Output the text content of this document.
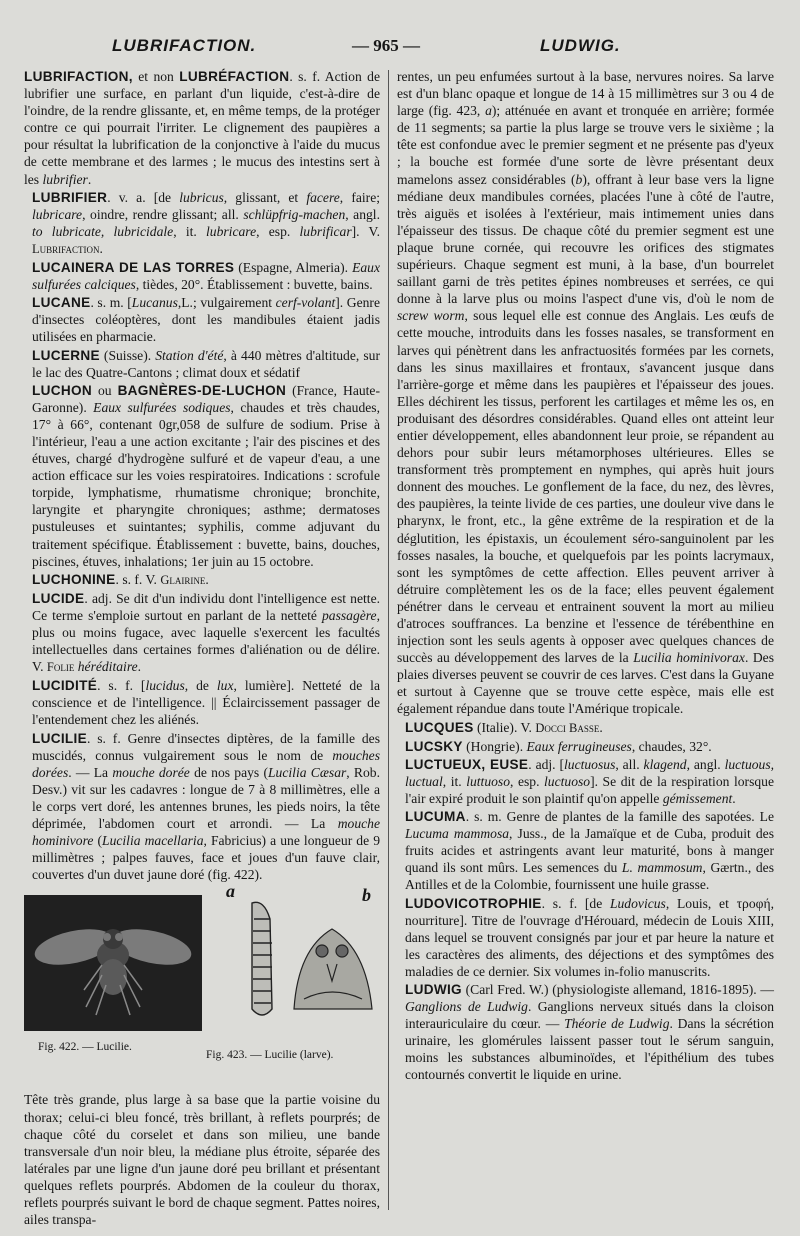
LUBRIFACTION.	— 965 —	LUDWIG.

LUBRIFACTION, et non LUBRÉFACTION. s. f. Action de lubrifier une surface, en parlant d'un liquide, c'est-à-dire de l'oindre, de la rendre glissante, et, en même temps, de la protéger contre ce qui pourrait l'irriter. Le clignement des paupières a pour résultat la lubrification de la conjonctive à l'aide du mucus de cette membrane et des larmes ; le mucus des intestins sert à les lubrifier.

LUBRIFIER. v. a. [de lubricus, glissant, et facere, faire; lubricare, oindre, rendre glissant; all. schlüpfrig-machen, angl. to lubricate, lubricidale, it. lubricare, esp. lubrificar]. V. Lubrifaction.

LUCAINERA DE LAS TORRES (Espagne, Almeria). Eaux sulfurées calciques, tièdes, 20°. Établissement : buvette, bains.

LUCANE. s. m. [Lucanus,L.; vulgairement cerf-volant]. Genre d'insectes coléoptères, dont les mandibules étaient jadis utilisées en pharmacie.

LUCERNE (Suisse). Station d'été, à 440 mètres d'altitude, sur le lac des Quatre-Cantons ; climat doux et sédatif

LUCHON ou BAGNÈRES-DE-LUCHON (France, Haute-Garonne). Eaux sulfurées sodiques, chaudes et très chaudes, 17° à 66°, contenant 0gr,058 de sulfure de sodium. Prise à l'intérieur, l'eau a une action excitante ; l'air des piscines et des étuves, chargé d'hydrogène sulfuré et de vapeur d'eau, a une action efficace sur les voies respiratoires. Indications : scrofule torpide, lymphatisme, rhumatisme chronique; bronchite, laryngite et pharyngite chroniques; asthme; dermatoses pustuleuses et suintantes; syphilis, comme adjuvant du traitement spécifique. Établissement : buvette, bains, douches, piscines, étuves, inhalations; 1er juin au 15 octobre.

LUCHONINE. s. f. V. Glairine.

LUCIDE. adj. Se dit d'un individu dont l'intelligence est nette. Ce terme s'emploie surtout en parlant de la netteté passagère, plus ou moins fugace, avec laquelle s'exercent les facultés intellectuelles dans certaines formes d'aliénation ou de délire. V. Folie héréditaire.

LUCIDITÉ. s. f. [lucidus, de lux, lumière]. Netteté de la conscience et de l'intelligence. || Éclaircissement passager de l'entendement chez les aliénés.

LUCILIE. s. f. Genre d'insectes diptères, de la famille des muscidés, connus vulgairement sous le nom de mouches dorées. — La mouche dorée de nos pays (Lucilia Cæsar, Rob. Desv.) vit sur les cadavres : longue de 7 à 8 millimètres, elle a le corps vert doré, les antennes brunes, les pieds noirs, la tête déprimée, l'abdomen court et arrondi. — La mouche hominivore (Lucilia macellaria, Fabricius) a une longueur de 9 millimètres ; palpes fauves, face et joues d'un fauve clair, couvertes d'un duvet jaune doré (fig. 422).

a	b
Fig. 422. — Lucilie.
Fig. 423. — Lucilie (larve).

Tête très grande, plus large à sa base que la partie voisine du thorax; celui-ci bleu foncé, très brillant, à reflets pourprés; de chaque côté du corselet et dans son milieu, une bande transversale d'un noir bleu, la médiane plus étroite, séparée des latérales par une ligne d'un jaune doré peu brillant et présentant quelques reflets pourprés. Abdomen de la couleur du thorax, reflets pourprés suivant le bord de chaque segment. Pattes noires, ailes transpa-

rentes, un peu enfumées surtout à la base, nervures noires. Sa larve est d'un blanc opaque et longue de 14 à 15 millimètres sur 3 ou 4 de large (fig. 423, a); atténuée en avant et tronquée en arrière; formée de 11 segments; sa partie la plus large se trouve vers le sixième ; la tête est confondue avec le premier segment et ne présente pas d'yeux ; la bouche est formée d'une sorte de lèvre présentant deux mamelons assez considérables (b), offrant à leur base vers la ligne médiane deux mandibules cornées, placées l'une à côté de l'autre, très aiguës et isolées à l'extérieur, mais intimement unies dans l'épaisseur des tissus. De chaque côté du premier segment est une plaque brune cornée, qui recouvre les orifices des stigmates supérieurs. Chaque segment est muni, à la base, d'un bourrelet saillant garni de très petites épines nombreuses et serrées, ce qui donne à la larve plus ou moins l'aspect d'une vis, d'où le nom de screw worm, sous lequel elle est connue des Anglais. Les œufs de cette mouche, introduits dans les fosses nasales, se transforment en larves qui pénètrent dans les anfractuosités formées par les cornets, dans les sinus maxillaires et frontaux, s'avancent jusque dans l'arrière-gorge et même dans les paupières et l'épaisseur des joues. Elles déchirent les tissus, perforent les cartilages et même les os, en produisant des désordres considérables. Quand elles ont atteint leur entier développement, elles abandonnent leur proie, se répandent au dehors pour subir leurs métamorphoses ultérieures. Elles se transforment très promptement en nymphes, qui après huit jours donnent des mouches. Le gonflement de la face, du nez, des lèvres, des paupières, la teinte livide de ces parties, une douleur vive dans le pharynx, le front, etc., la gêne extrême de la respiration et de la déglutition, les épistaxis, un écoulement séro-sanguinolent par les fosses nasales, la bouche, et quelquefois par les points lacrymaux, sont les symptômes de cette affection. Elles peuvent arriver à détruire complètement les os de la face; elles peuvent également pénétrer dans le cerveau et entrainent souvent la mort au milieu d'atroces souffrances. La benzine et l'essence de térébenthine en injection sont les seuls agents à opposer avec quelques chances de succès au développement des larves de la Lucilia hominivorax. Des plaies diverses peuvent se couvrir de ces larves. C'est dans la Guyane et surtout à Cayenne que se trouve cette espèce, mais elle est également répandue dans toute l'Amérique tropicale.

LUCQUES (Italie). V. Docci Basse.

LUCSKY (Hongrie). Eaux ferrugineuses, chaudes, 32°.

LUCTUEUX, EUSE. adj. [luctuosus, all. klagend, angl. luctuous, luctual, it. luttuoso, esp. luctuoso]. Se dit de la respiration lorsque l'air expiré produit le son plaintif qu'on appelle gémissement.

LUCUMA. s. m. Genre de plantes de la famille des sapotées. Le Lucuma mammosa, Juss., de la Jamaïque et de Cuba, produit des fruits acides et astringents avant leur maturité, bons à manger quand ils sont mûrs. Les semences du L. mammosum, Gærtn., des Antilles et de la Colombie, fournissent une huile grasse.

LUDOVICOTROPHIE. s. f. [de Ludovicus, Louis, et τροφή, nourriture]. Titre de l'ouvrage d'Hérouard, médecin de Louis XIII, dans lequel se trouvent consignés par jour et par heure la nature et les caractères des aliments, des déjections et des symptômes des maladies de ce dernier. Six volumes in-folio manuscrits.

LUDWIG (Carl Fred. W.) (physiologiste allemand, 1816-1895). — Ganglions de Ludwig. Ganglions nerveux situés dans la cloison interauriculaire du cœur. — Théorie de Ludwig. Dans la sécrétion urinaire, les glomérules laissent passer tout le sérum sanguin, moins les substances albuminoïdes, et l'épithélium des tubes contournés convertit le liquide en urine.
